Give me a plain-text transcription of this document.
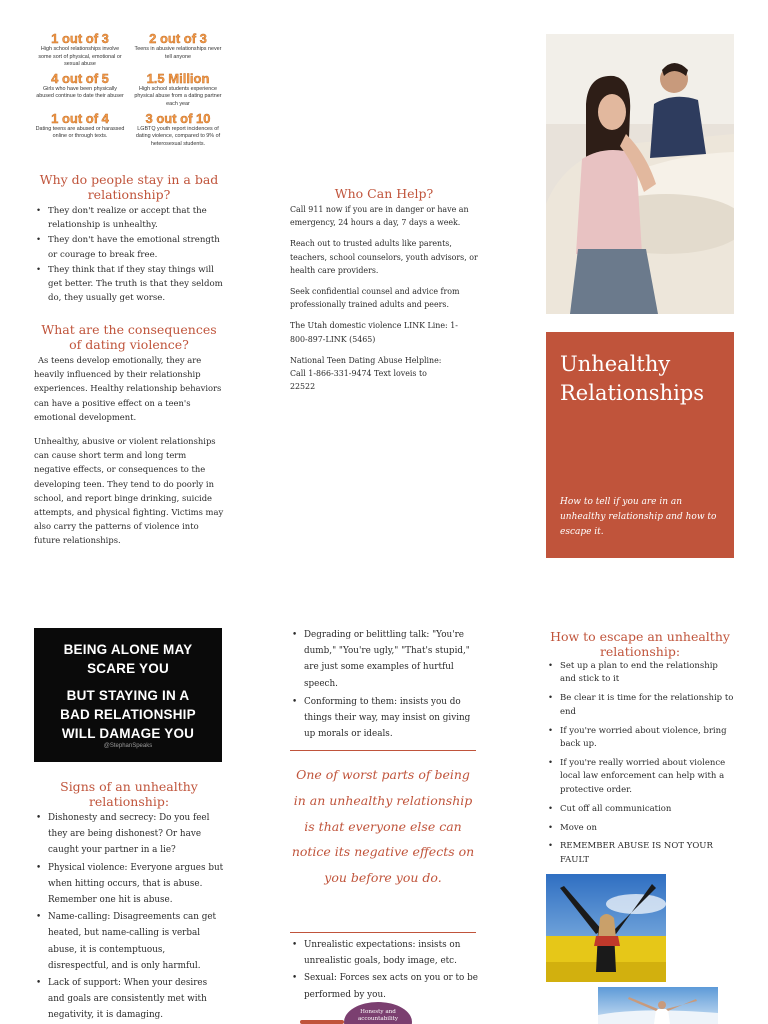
1 out of 3
High school relationships involve some sort of physical, emotional or sexual abuse
2 out of 3
Teens in abusive relationships never tell anyone
4 out of 5
Girls who have been physically abused continue to date their abuser
1.5 Million
High school students experience physical abuse from a dating partner each year
1 out of 4
Dating teens are abused or harassed online or through texts.
3 out of 10
LGBTQ youth report incidences of dating violence, compared to 9% of heterosexual students.
Why do people stay in a bad relationship?
• They don't realize or accept that the relationship is unhealthy.
• They don't have the emotional strength or courage to break free.
• They think that if they stay things will get better. The truth is that they seldom do, they usually get worse.
What are the consequences of dating violence?

As teens develop emotionally, they are heavily influenced by their relationship experiences. Healthy relationship behaviors can have a positive effect on a teen's emotional development.

Unhealthy, abusive or violent relationships can cause short term and long term negative effects, or consequences to the developing teen. They tend to do poorly in school, and report binge drinking, suicide attempts, and physical fighting. Victims may also carry the patterns of violence into future relationships.

Who Can Help?

Call 911 now if you are in danger or have an emergency, 24 hours a day, 7 days a week.

Reach out to trusted adults like parents, teachers, school counselors, youth advisors, or health care providers.

Seek confidential counsel and advice from professionally trained adults and peers.

The Utah domestic violence LINK Line: 1-800-897-LINK (5465)

National Teen Dating Abuse Helpline: Call 1-866-331-9474 Text loveis to 22522

Unhealthy Relationships
How to tell if you are in an unhealthy relationship and how to escape it.
BEING ALONE MAY
SCARE YOU
BUT STAYING IN A
BAD RELATIONSHIP
WILL DAMAGE YOU
@StephanSpeaks
Signs of an unhealthy relationship:
• Dishonesty and secrecy: Do you feel they are being dishonest? Or have caught your partner in a lie?
• Physical violence: Everyone argues but when hitting occurs, that is abuse. Remember one hit is abuse.
• Name-calling: Disagreements can get heated, but name-calling is verbal abuse, it is contemptuous, disrespectful, and is only harmful.
• Lack of support: When your desires and goals are consistently met with negativity, it is damaging.
• Degrading or belittling talk: "You're dumb," "You're ugly," "That's stupid," are just some examples of hurtful speech.
• Conforming to them: insists you do things their way, may insist on giving up morals or ideals.
One of worst parts of being in an unhealthy relationship is that everyone else can notice its negative effects on you before you do.
• Unrealistic expectations: insists on unrealistic goals, body image, etc.
• Sexual: Forces sex acts on you or to be performed by you.
Honesty and accountability
How to escape an unhealthy relationship:
• Set up a plan to end the relationship and stick to it
• Be clear it is time for the relationship to end
• If you're worried about violence, bring back up.
• If you're really worried about violence local law enforcement can help with a protective order.
• Cut off all communication
• Move on
• REMEMBER ABUSE IS NOT YOUR FAULT
